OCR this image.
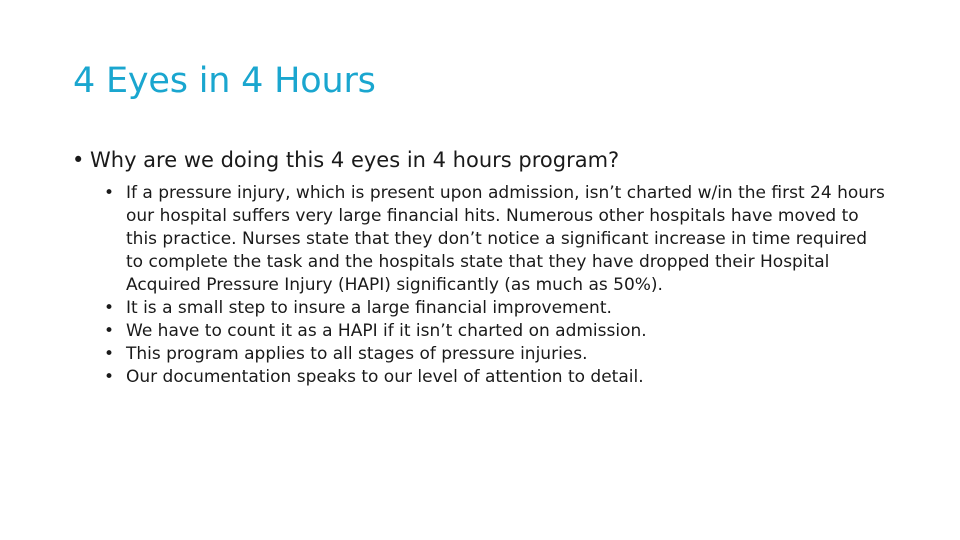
4 Eyes in 4 Hours
• Why are we doing this 4 eyes in 4 hours program?
• If a pressure injury, which is present upon admission, isn’t charted w/in the first 24 hours our hospital suffers very large financial hits. Numerous other hospitals have moved to this practice. Nurses state that they don’t notice a significant increase in time required to complete the task and the hospitals state that they have dropped their Hospital Acquired Pressure Injury (HAPI) significantly (as much as 50%).
• It is a small step to insure a large financial improvement.
• We have to count it as a HAPI if it isn’t charted on admission.
• This program applies to all stages of pressure injuries.
• Our documentation speaks to our level of attention to detail.
